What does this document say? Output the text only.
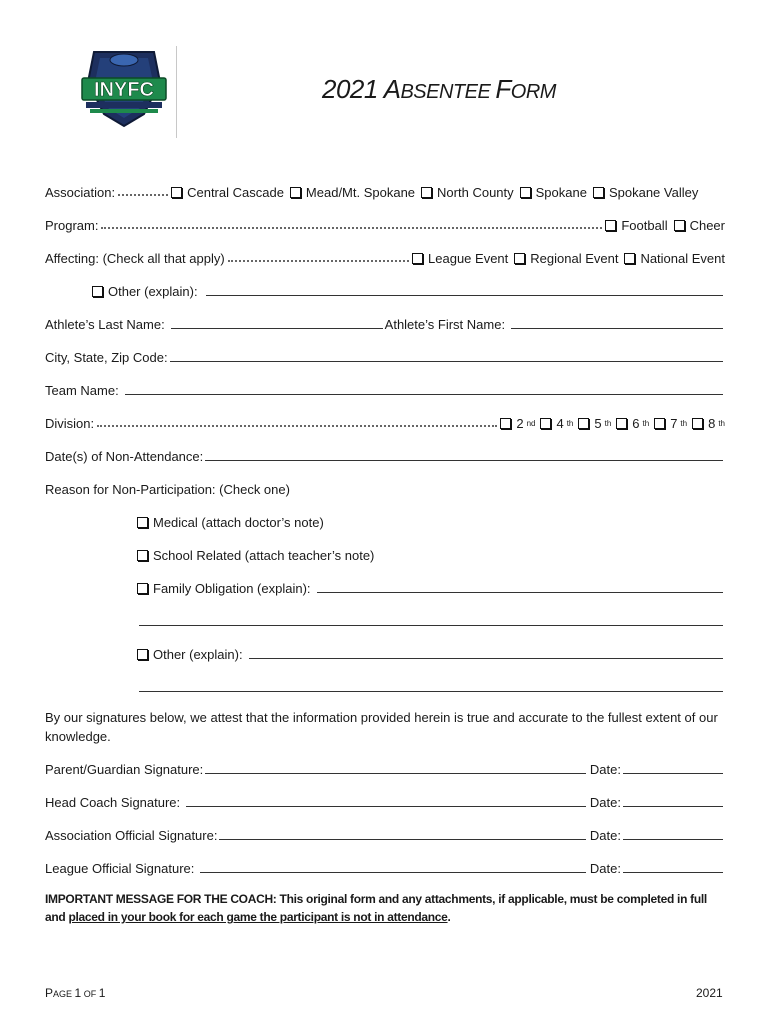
INYFC	2021 ABSENTEE FORM
Association:	Central Cascade Mead/Mt. Spokane North County Spokane Spokane Valley
Program:	Football Cheer
Affecting: (Check all that apply)	League Event Regional Event National Event
Other (explain):
Athlete’s Last Name:	Athlete’s First Name:
City, State, Zip Code:
Team Name:
Division:	2 nd 4 th 5 th 6 th 7 th 8 th
Date(s) of Non-Attendance:
Reason for Non-Participation: (Check one)
Medical (attach doctor’s note)
School Related (attach teacher’s note)
Family Obligation (explain):
Other (explain):
By our signatures below, we attest that the information provided herein is true and accurate to the fullest extent of our knowledge.
Parent/Guardian Signature:	Date:
Head Coach Signature:	Date:
Association Official Signature:	Date:
League Official Signature:	Date:
IMPORTANT MESSAGE FOR THE COACH: This original form and any attachments, if applicable, must be completed in full and placed in your book for each game the participant is not in attendance.
PAGE 1 OF 1	2021
